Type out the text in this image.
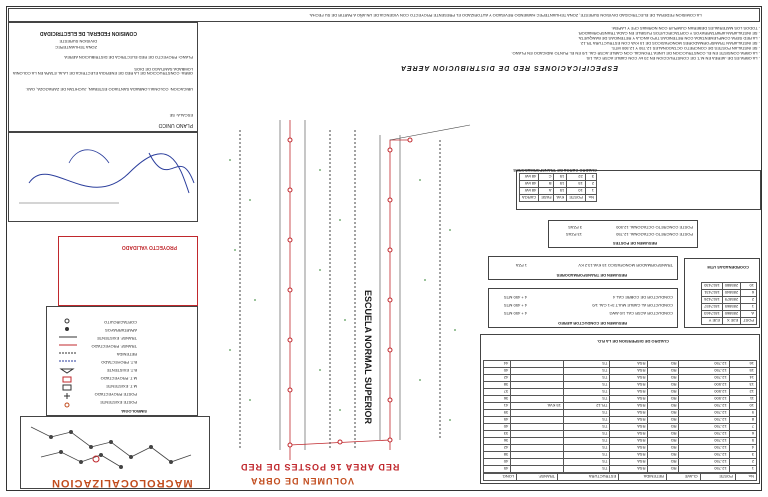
LA COMISION FEDERAL DE ELECTRICIDAD DIVISION SURESTE, ZONA TEHUANTEPEC HABIENDO REVISADO Y AUTORIZADO EL PRESENTE PROYECTO CON VIGENCIA DE UN AÑO A PARTIR DE SU FECHA.
ESPECIFICACIONES RED DE DISTRIBUCION AEREA
- LA OBRA ES DE: AEREA EN M.T. DE CONSTRUCCION EN 23 kV CON CABLE ACSR CAL 1/0.
- LA OBRA CONSISTE EN EL CONSTRUCCION DE LINEA TRONCAL CON CABLE ACSR CAL 1/0 EN EL PUNTO INDICADO EN PLANO.
- SE INSTALAN POSTES DE CONCRETO OCTAGONALES 12-750 Y 12-500 MTS.
- SE INSTALARAN TRANSFORMADORES MONOFASICOS DE 15 KVA CON ESTRUCTURA TR-12.
- LA RED SERA COMPLEMENTADA CON RETENIDAS TIPO ANCLA Y RETENIDAS DE BANQUETA.
- SE INSTALARAN APARTARRAYOS Y CORTACIRCUITOS FUSIBLE EN CADA TRANSFORMADOR.
- TODOS LOS MATERIALES DEBERAN CUMPLIR CON NORMAS CFE Y LAPEM.
PLANO UNICO
ESCALA: SE
UBICACION: COLONIA LOMBADA SANTIAGO ESTEBAN, JUCHITAN DE ZARAGOZA, OAX.
OBRA: CONSTRUCCION DE LA RED DE ENERGIA ELECTRICA DE LA AL ETAPA EN LA COLONIA LOMBADA SANTIAGO DE DIOS
PLANO: PROYECTO DE RED ELECTRICA DE DISTRIBUCION AEREA
ZONA TEHUANTEPEC
DIVISION SURESTE
COMISION FEDERAL DE ELECTRICIDAD
PROYECTO VALIDADO
SIMBOLOGIA
POSTE EXISTENTE
POSTE PROYECTADO
M.T. EXISTENTE
M.T. PROYECTADO
B.T. EXISTENTE
B.T. PROYECTADO
RETENIDA
TRANSF. PROYECTADO
TRANSF. EXISTENTE
APARTARRAYOS
CORTACIRCUITO
MACROLOCALIZACION
ESCUELA NORMAL SUPERIOR
VOLUMEN DE OBRA
RED AREA 16 POSTES DE RED
CUADRO CARGA DE TRANSFORMADORES
No.	POSTE	KVA	FASE	CARGA
1	10	15	A	48 kW
2	15	15	B	48 kW
3	22	15	C	48 kW
RESUMEN DE POSTES
POSTE CONCRETO OCTAGONAL 12-750
13 PZAS
POSTE CONCRETO OCTAGONAL 12-500
3 PZAS
RESUMEN DE TRANSFORMADORES
TRANSFORMADOR MONOFASICO 15 KVA 13.2 KV
1 PZA	COORDENADAS UTM
POST	EJE X	EJE Y
A	285860	1817463
1	285865	1817457
2	285879	1817426
6	285840	1817431
10	285880	1817430
RESUMEN DE CONDUCTOR AEREO
CONDUCTOR ACSR CAL 1/0 AWG
4 + 450 MTS
CONDUCTOR AL CABLE MULT 3+1 CAL 1/0
4 + 450 MTS
CONDUCTOR DE COBRE CAL 4
4 + 450 MTS
CUADRO DE DISPERSION DE LA R.D.
No.	POSTE	CLAVE	RETENIDA	ESTRUCTURA	TRANSF.	LONG.
1	12-750	RD	RSA	TS		45
2	12-750	RD	RSA	TS		40
3	12-750	RD	RSA	TS		38
4	12-750	RD	RSA	TS		42
5	12-750	RD	RSA	TS		36
6	12-750	RD	RSA	TS		33
7	12-750	RD	RSA	TS		40
8	12-750	RD	RSA	TS		45
9	12-750	RD	RSA	TS		39
10	12-750	RD	RSA	TR-12	15 KVA	41
11	12-500	RD	RSA	TS		36
12	12-500	RD	RSA	TS		37
13	12-500	RD	RSA	TS		38
14	12-750	RD	RSA	TS		42
15	12-750	RD	RSA	TS		40
16	12-750	RD	RSA	TS		44
